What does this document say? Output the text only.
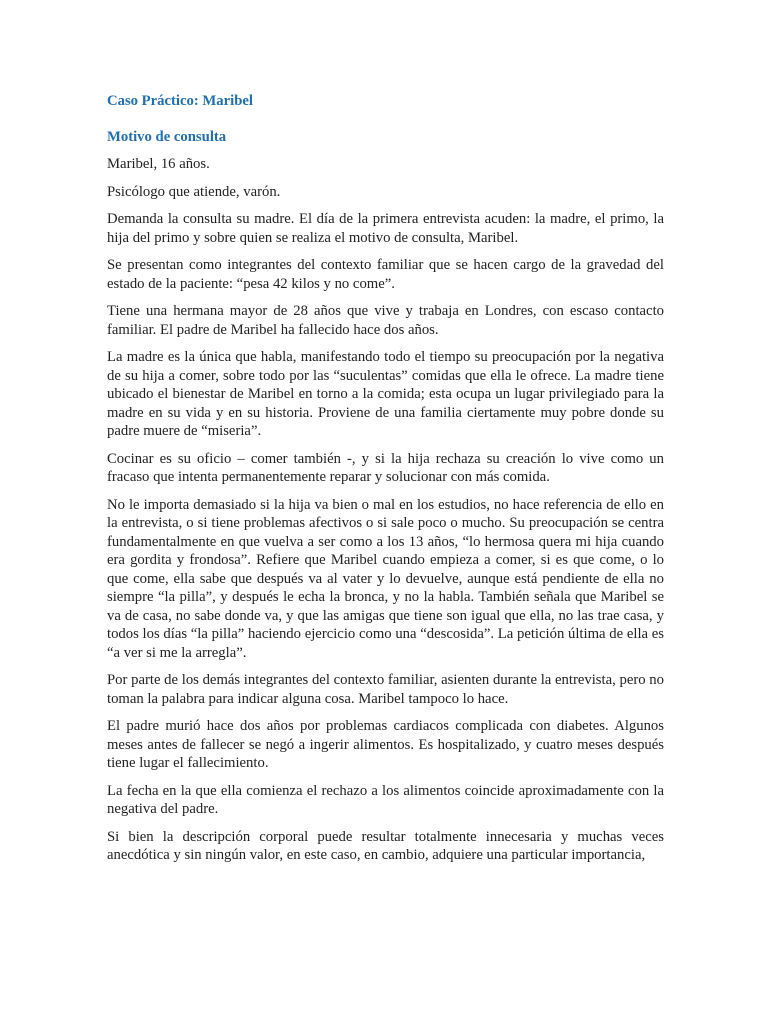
Caso Práctico: Maribel
Motivo de consulta

Maribel, 16 años.

Psicólogo que atiende, varón.

Demanda la consulta su madre. El día de la primera entrevista acuden: la madre, el primo, la hija del primo y sobre quien se realiza el motivo de consulta, Maribel.

Se presentan como integrantes del contexto familiar que se hacen cargo de la gravedad del estado de la paciente: “pesa 42 kilos y no come”.

Tiene una hermana mayor de 28 años que vive y trabaja en Londres, con escaso contacto familiar. El padre de Maribel ha fallecido hace dos años.

La madre es la única que habla, manifestando todo el tiempo su preocupación por la negativa de su hija a comer, sobre todo por las “suculentas” comidas que ella le ofrece. La madre tiene ubicado el bienestar de Maribel en torno a la comida; esta ocupa un lugar privilegiado para la madre en su vida y en su historia. Proviene de una familia ciertamente muy pobre donde su padre muere de “miseria”.

Cocinar es su oficio – comer también -, y si la hija rechaza su creación lo vive como un fracaso que intenta permanentemente reparar y solucionar con más comida.

No le importa demasiado si la hija va bien o mal en los estudios, no hace referencia de ello en la entrevista, o si tiene problemas afectivos o si sale poco o mucho. Su preocupación se centra fundamentalmente en que vuelva a ser como a los 13 años, “lo hermosa quera mi hija cuando era gordita y frondosa”. Refiere que Maribel cuando empieza a comer, si es que come, o lo que come, ella sabe que después va al vater y lo devuelve, aunque está pendiente de ella no siempre “la pilla”, y después le echa la bronca, y no la habla. También señala que Maribel se va de casa, no sabe donde va, y que las amigas que tiene son igual que ella, no las trae casa, y todos los días “la pilla” haciendo ejercicio como una “descosida”. La petición última de ella es “a ver si me la arregla”.

Por parte de los demás integrantes del contexto familiar, asienten durante la entrevista, pero no toman la palabra para indicar alguna cosa. Maribel tampoco lo hace.

El padre murió hace dos años por problemas cardiacos complicada con diabetes. Algunos meses antes de fallecer se negó a ingerir alimentos. Es hospitalizado, y cuatro meses después tiene lugar el fallecimiento.

La fecha en la que ella comienza el rechazo a los alimentos coincide aproximadamente con la negativa del padre.

Si bien la descripción corporal puede resultar totalmente innecesaria y muchas veces anecdótica y sin ningún valor, en este caso, en cambio, adquiere una particular importancia,
